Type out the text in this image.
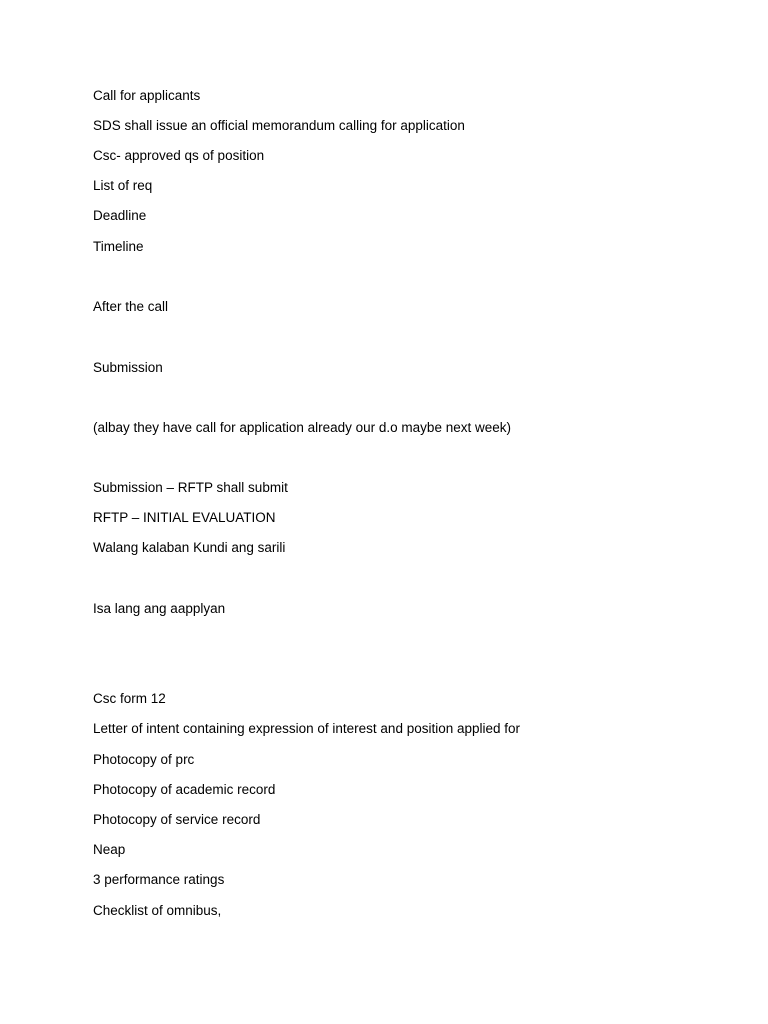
Call for applicants
SDS shall issue an official memorandum calling for application
Csc- approved qs of position
List of req
Deadline
Timeline
After the call
Submission
(albay they have call for application already our d.o maybe next week)
Submission – RFTP shall submit
RFTP – INITIAL EVALUATION
Walang kalaban Kundi ang sarili
Isa lang ang aapplyan
Csc form 12
Letter of intent containing expression of interest and position applied for
Photocopy of prc
Photocopy of academic record
Photocopy of service record
Neap
3 performance ratings
Checklist of omnibus,
